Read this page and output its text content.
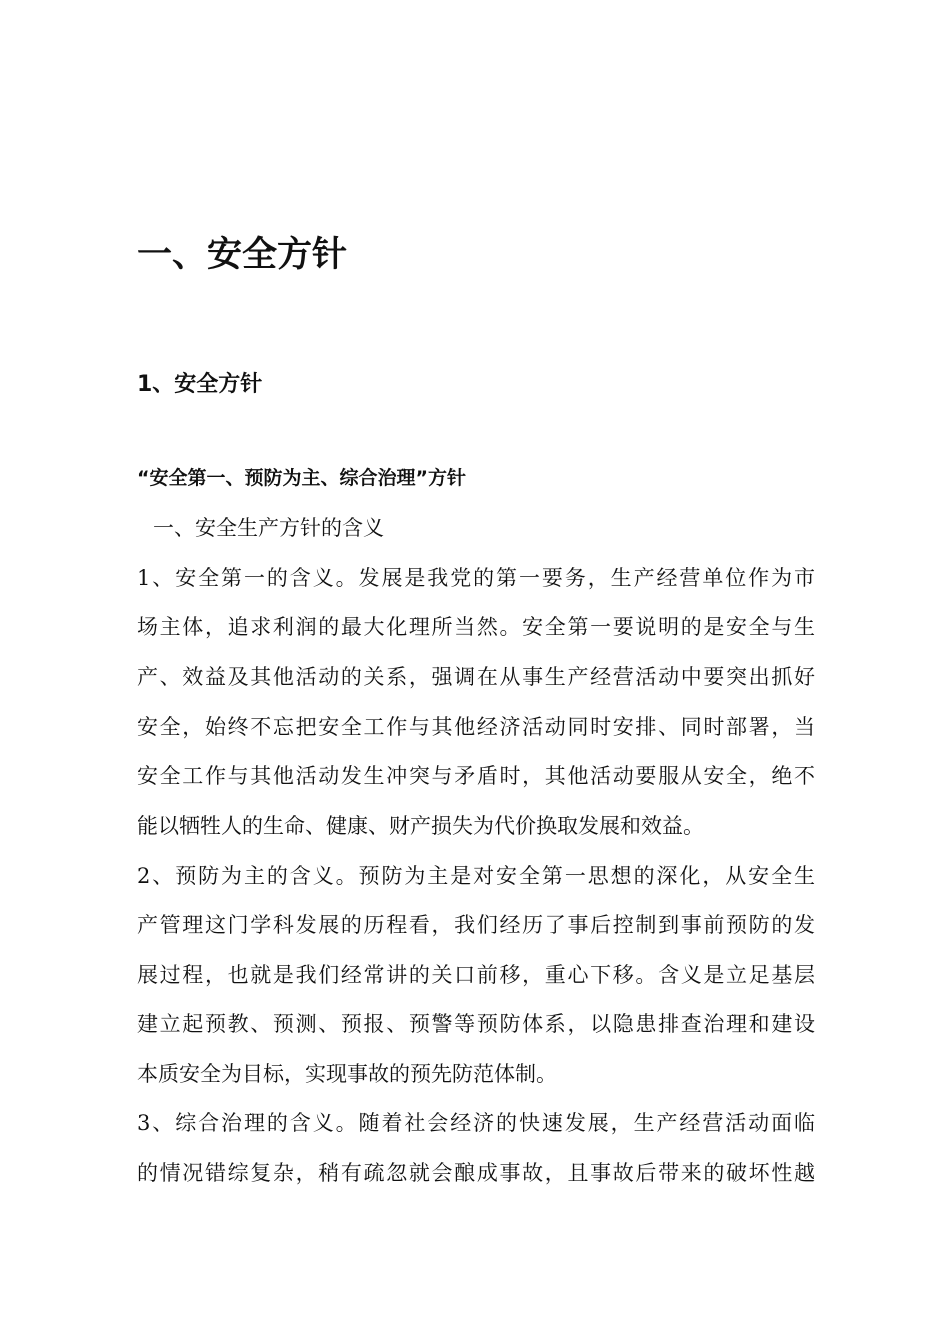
一、安全方针
1、安全方针
“安全第一、预防为主、综合治理”方针
一、安全生产方针的含义
1、安全第一的含义。发展是我党的第一要务，生产经营单位作为市
场主体，追求利润的最大化理所当然。安全第一要说明的是安全与生
产、效益及其他活动的关系，强调在从事生产经营活动中要突出抓好
安全，始终不忘把安全工作与其他经济活动同时安排、同时部署，当
安全工作与其他活动发生冲突与矛盾时，其他活动要服从安全，绝不
能以牺牲人的生命、健康、财产损失为代价换取发展和效益。
2、预防为主的含义。预防为主是对安全第一思想的深化，从安全生
产管理这门学科发展的历程看，我们经历了事后控制到事前预防的发
展过程，也就是我们经常讲的关口前移，重心下移。含义是立足基层
建立起预教、预测、预报、预警等预防体系，以隐患排查治理和建设
本质安全为目标，实现事故的预先防范体制。
3、综合治理的含义。随着社会经济的快速发展，生产经营活动面临
的情况错综复杂，稍有疏忽就会酿成事故，且事故后带来的破坏性越
